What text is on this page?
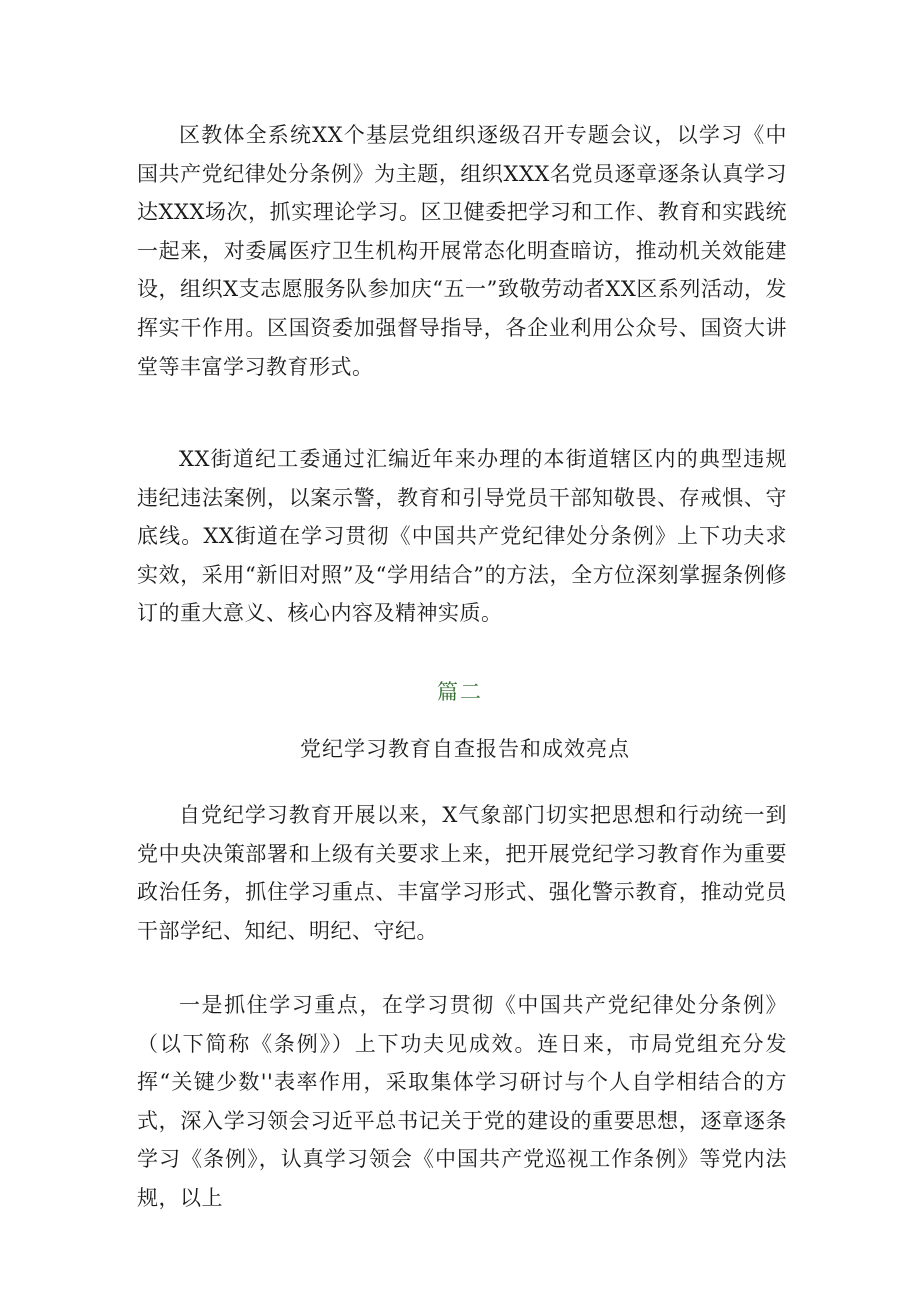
区教体全系统XX个基层党组织逐级召开专题会议，以学习《中国共产党纪律处分条例》为主题，组织XXX名党员逐章逐条认真学习达XXX场次，抓实理论学习。区卫健委把学习和工作、教育和实践统一起来，对委属医疗卫生机构开展常态化明查暗访，推动机关效能建设，组织X支志愿服务队参加庆“五一”致敬劳动者XX区系列活动，发挥实干作用。区国资委加强督导指导，各企业利用公众号、国资大讲堂等丰富学习教育形式。

XX街道纪工委通过汇编近年来办理的本街道辖区内的典型违规违纪违法案例，以案示警，教育和引导党员干部知敬畏、存戒惧、守底线。XX街道在学习贯彻《中国共产党纪律处分条例》上下功夫求实效，采用“新旧对照”及“学用结合”的方法，全方位深刻掌握条例修订的重大意义、核心内容及精神实质。

篇二

党纪学习教育自查报告和成效亮点

自党纪学习教育开展以来，X气象部门切实把思想和行动统一到党中央决策部署和上级有关要求上来，把开展党纪学习教育作为重要政治任务，抓住学习重点、丰富学习形式、强化警示教育，推动党员干部学纪、知纪、明纪、守纪。

一是抓住学习重点，在学习贯彻《中国共产党纪律处分条例》（以下简称《条例》）上下功夫见成效。连日来，市局党组充分发挥“关键少数''表率作用，采取集体学习研讨与个人自学相结合的方式，深入学习领会习近平总书记关于党的建设的重要思想，逐章逐条学习《条例》，认真学习领会《中国共产党巡视工作条例》等党内法规，以上
